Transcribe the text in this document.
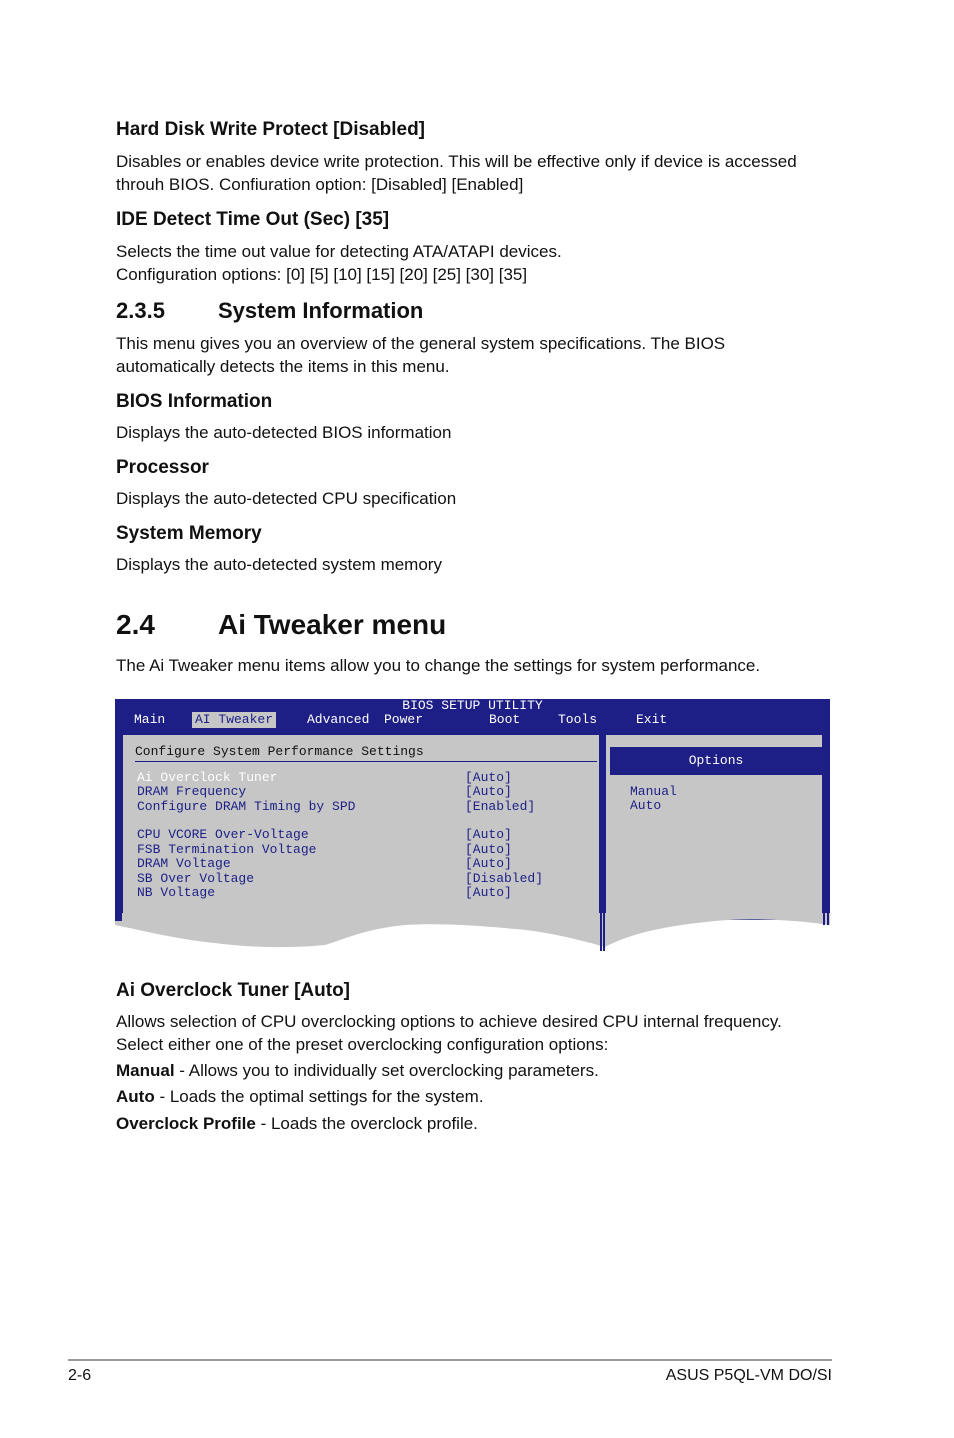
Hard Disk Write Protect [Disabled]
Disables or enables device write protection. This will be effective only if device is accessed
throuh BIOS. Confiuration option: [Disabled] [Enabled]
IDE Detect Time Out (Sec) [35]
Selects the time out value for detecting ATA/ATAPI devices.
Configuration options: [0] [5] [10] [15] [20] [25] [30] [35]
2.3.5 System Information
This menu gives you an overview of the general system specifications. The BIOS
automatically detects the items in this menu.
BIOS Information
Displays the auto-detected BIOS information
Processor
Displays the auto-detected CPU specification
System Memory
Displays the auto-detected system memory
2.4 Ai Tweaker menu
The Ai Tweaker menu items allow you to change the settings for system performance.
BIOS SETUP UTILITY
Main AI Tweaker	Advanced Power	Boot	Tools	Exit
Configure System Performance Settings
Ai Overclock Tuner	[Auto]
DRAM Frequency	[Auto]
Configure DRAM Timing by SPD	[Enabled]
CPU VCORE Over-Voltage	[Auto]
FSB Termination Voltage	[Auto]
DRAM Voltage	[Auto]
SB Over Voltage	[Disabled]
NB Voltage	[Auto]
Options
Manual
Auto
Ai Overclock Tuner [Auto]
Allows selection of CPU overclocking options to achieve desired CPU internal frequency.
Select either one of the preset overclocking configuration options:
Manual - Allows you to individually set overclocking parameters.
Auto - Loads the optimal settings for the system.
Overclock Profile - Loads the overclock profile.
2-6	ASUS P5QL-VM DO/SI
